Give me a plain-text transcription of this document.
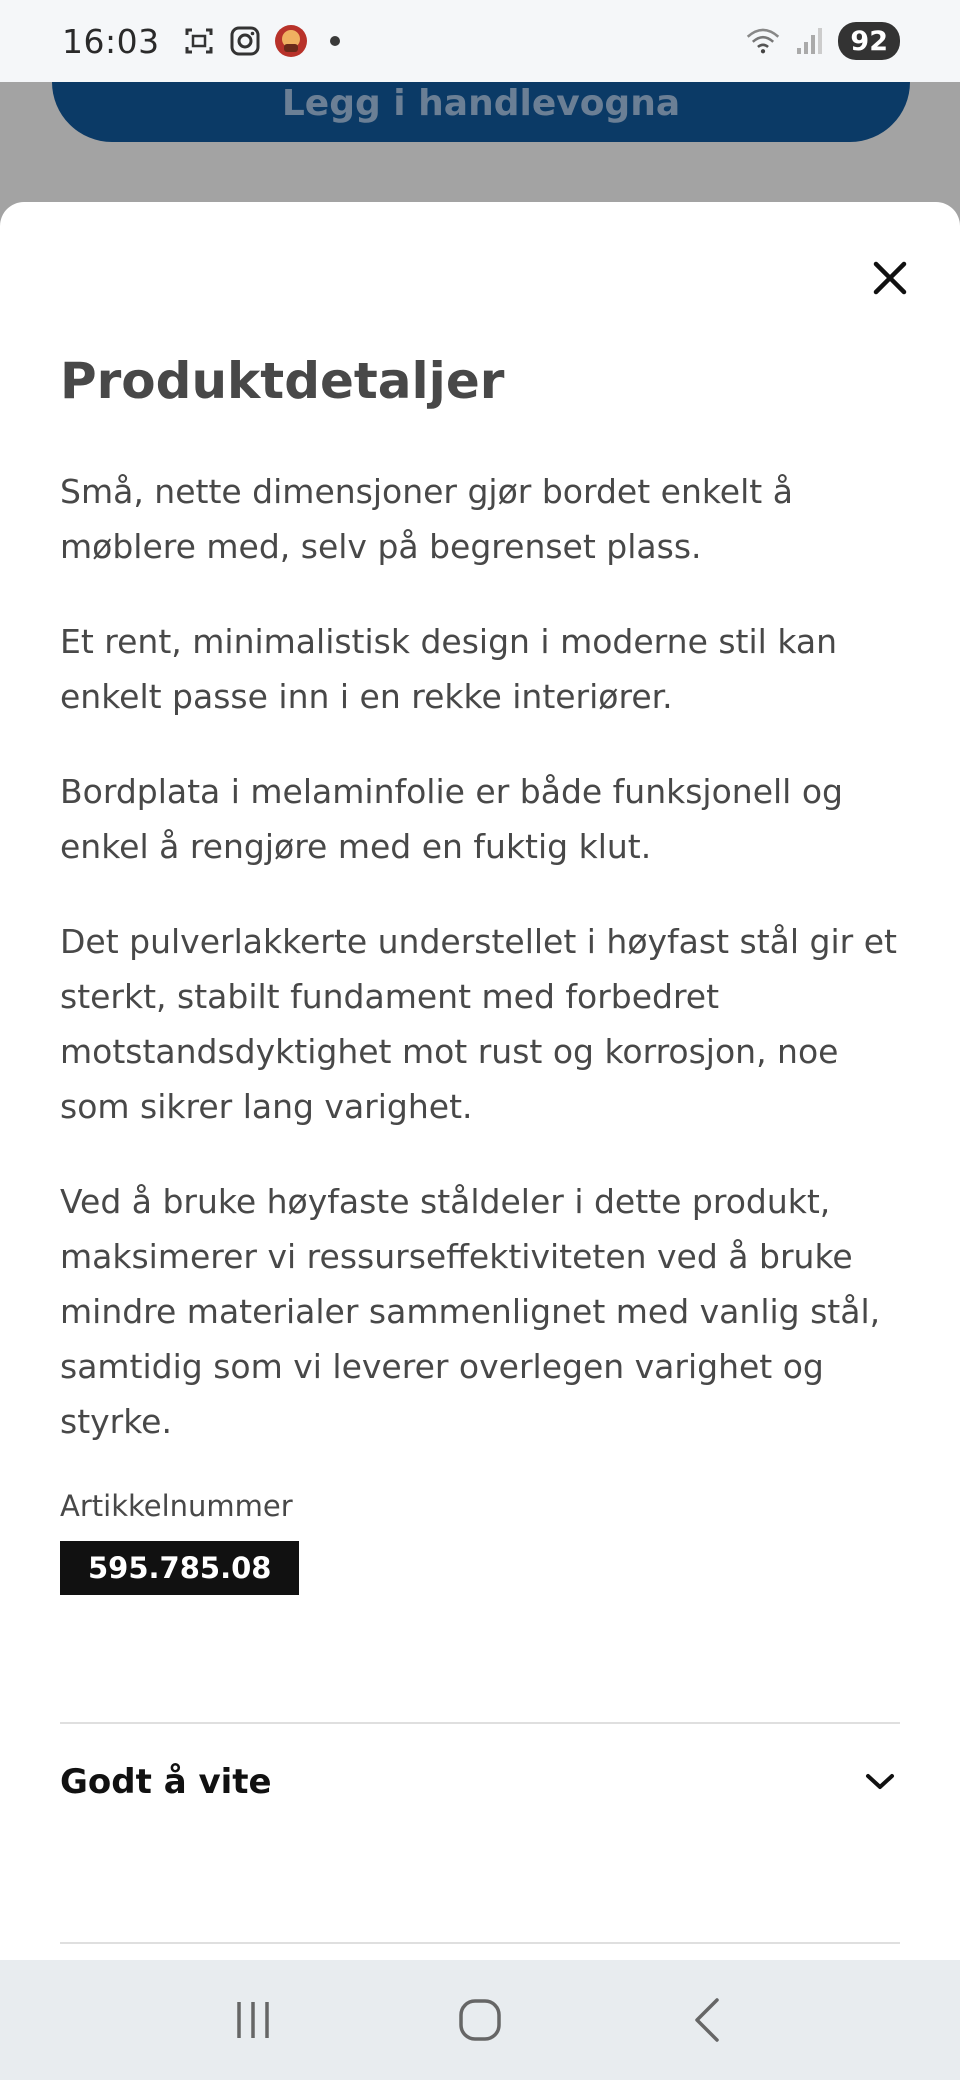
16:03	92
Legg i handlevogna
Produktdetaljer

Små, nette dimensjoner gjør bordet enkelt å møblere med, selv på begrenset plass.

Et rent, minimalistisk design i moderne stil kan enkelt passe inn i en rekke interiører.

Bordplata i melaminfolie er både funksjonell og enkel å rengjøre med en fuktig klut.

Det pulverlakkerte understellet i høyfast stål gir et sterkt, stabilt fundament med forbedret motstandsdyktighet mot rust og korrosjon, noe som sikrer lang varighet.

Ved å bruke høyfaste ståldeler i dette produkt, maksimerer vi ressurseffektiviteten ved å bruke mindre materialer sammenlignet med vanlig stål, samtidig som vi leverer overlegen varighet og styrke.

Artikkelnummer
595.785.08
Godt å vite
